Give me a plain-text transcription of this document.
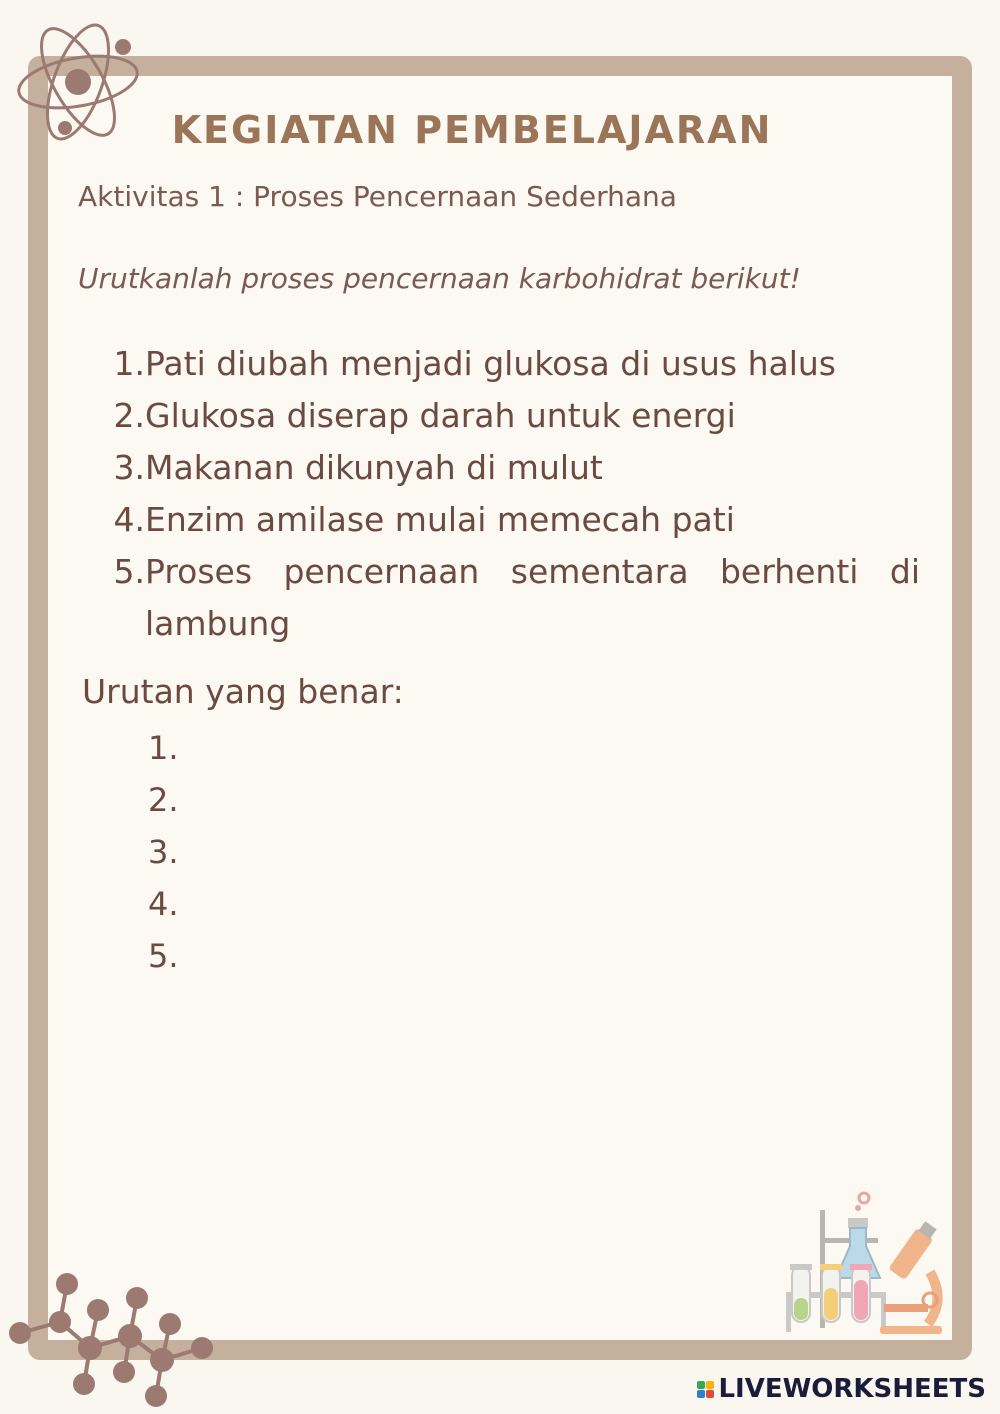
KEGIATAN PEMBELAJARAN
Aktivitas 1 : Proses Pencernaan Sederhana
Urutkanlah proses pencernaan karbohidrat berikut!
1. Pati diubah menjadi glukosa di usus halus
2. Glukosa diserap darah untuk energi
3. Makanan dikunyah di mulut
4. Enzim amilase mulai memecah pati
5. Proses pencernaan sementara berhenti di lambung
Urutan yang benar:
1.
2.
3.
4.
5.
LIVEWORKSHEETS
